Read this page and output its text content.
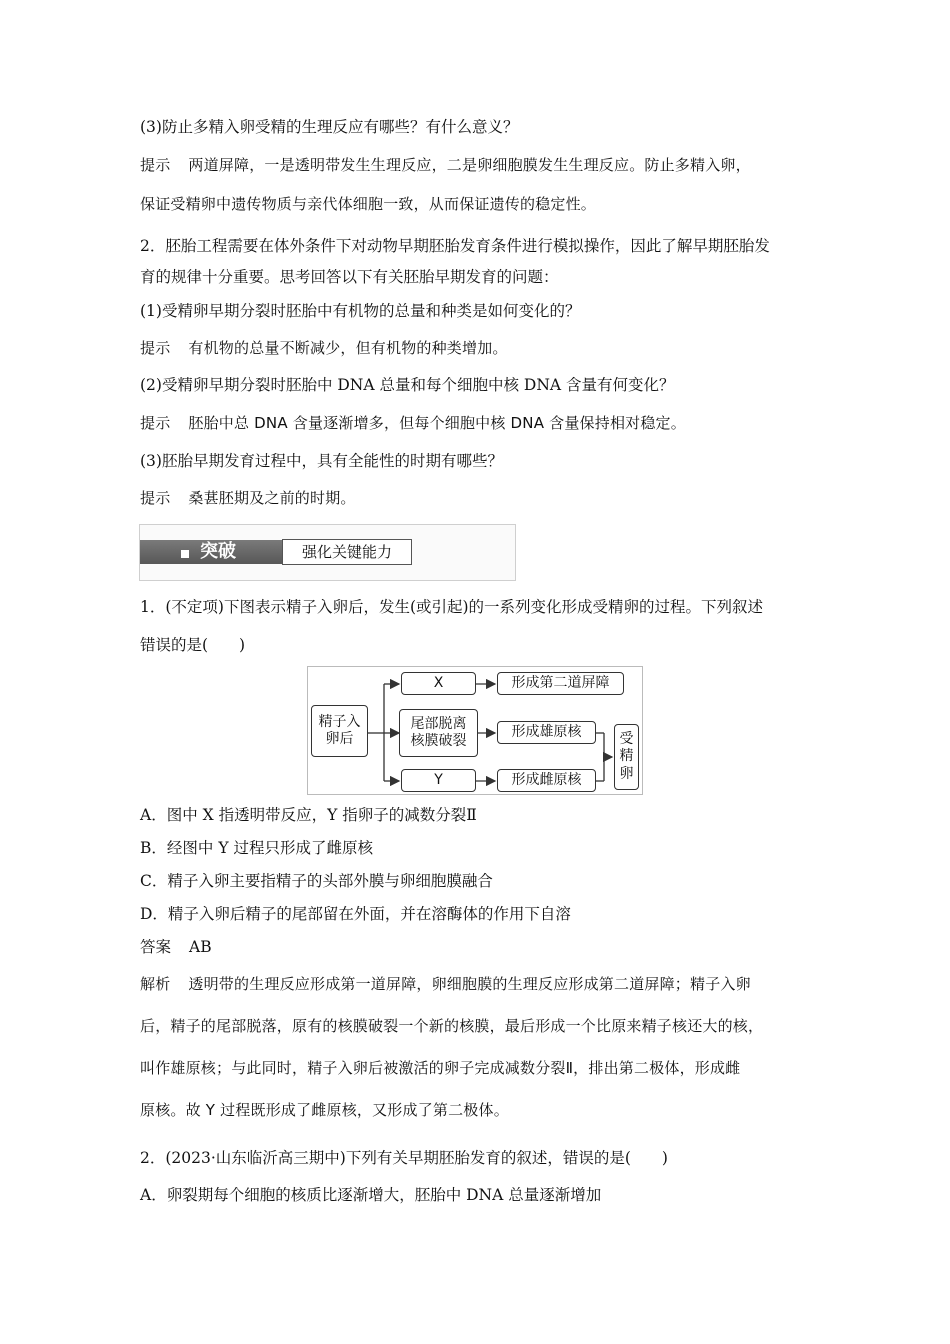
(3)防止多精入卵受精的生理反应有哪些？有什么意义？
提示 两道屏障，一是透明带发生生理反应，二是卵细胞膜发生生理反应。防止多精入卵，
保证受精卵中遗传物质与亲代体细胞一致，从而保证遗传的稳定性。
2．胚胎工程需要在体外条件下对动物早期胚胎发育条件进行模拟操作，因此了解早期胚胎发
育的规律十分重要。思考回答以下有关胚胎早期发育的问题：
(1)受精卵早期分裂时胚胎中有机物的总量和种类是如何变化的？
提示 有机物的总量不断减少，但有机物的种类增加。
(2)受精卵早期分裂时胚胎中 DNA 总量和每个细胞中核 DNA 含量有何变化？
提示 胚胎中总 DNA 含量逐渐增多，但每个细胞中核 DNA 含量保持相对稳定。
(3)胚胎早期发育过程中，具有全能性的时期有哪些？
提示 桑葚胚期及之前的时期。
突破	强化关键能力
1．(不定项)下图表示精子入卵后，发生(或引起)的一系列变化形成受精卵的过程。下列叙述
错误的是(　　)
精子入卵后
X
尾部脱离核膜破裂
Y
形成第二道屏障
形成雄原核
形成雌原核
受精卵
A．图中 X 指透明带反应，Y 指卵子的减数分裂Ⅱ
B．经图中 Y 过程只形成了雌原核
C．精子入卵主要指精子的头部外膜与卵细胞膜融合
D．精子入卵后精子的尾部留在外面，并在溶酶体的作用下自溶
答案 AB
解析 透明带的生理反应形成第一道屏障，卵细胞膜的生理反应形成第二道屏障；精子入卵
后，精子的尾部脱落，原有的核膜破裂一个新的核膜，最后形成一个比原来精子核还大的核，
叫作雄原核；与此同时，精子入卵后被激活的卵子完成减数分裂Ⅱ，排出第二极体，形成雌
原核。故 Y 过程既形成了雌原核，又形成了第二极体。
2．(2023·山东临沂高三期中)下列有关早期胚胎发育的叙述，错误的是(　　)
A．卵裂期每个细胞的核质比逐渐增大，胚胎中 DNA 总量逐渐增加
